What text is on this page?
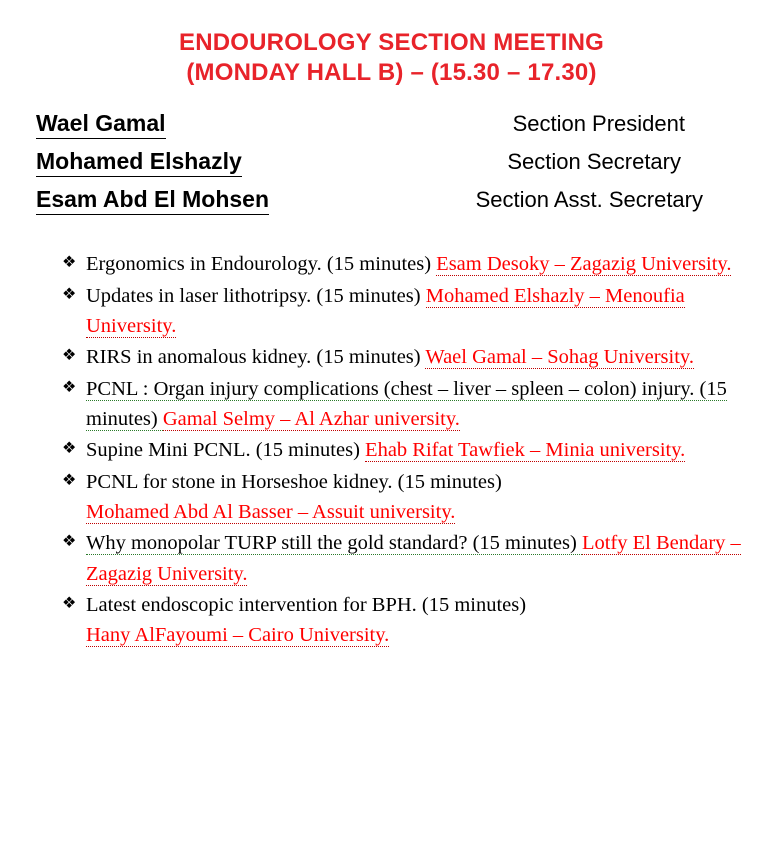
ENDOUROLOGY SECTION MEETING
(MONDAY HALL B) – (15.30 – 17.30)
Wael Gamal	Section President
Mohamed Elshazly	Section Secretary
Esam Abd El Mohsen	Section Asst. Secretary
❖ Ergonomics in Endourology. (15 minutes) Esam Desoky – Zagazig University.
❖ Updates in laser lithotripsy. (15 minutes) Mohamed Elshazly – Menoufia University.
❖ RIRS in anomalous kidney. (15 minutes) Wael Gamal – Sohag University.
❖ PCNL : Organ injury complications (chest – liver – spleen – colon) injury. (15 minutes) Gamal Selmy – Al Azhar university.
❖ Supine Mini PCNL. (15 minutes) Ehab Rifat Tawfiek – Minia university.
❖ PCNL for stone in Horseshoe kidney. (15 minutes)
Mohamed Abd Al Basser – Assuit university.
❖ Why monopolar TURP still the gold standard? (15 minutes) Lotfy El Bendary – Zagazig University.
❖ Latest endoscopic intervention for BPH. (15 minutes)
Hany AlFayoumi – Cairo University.
